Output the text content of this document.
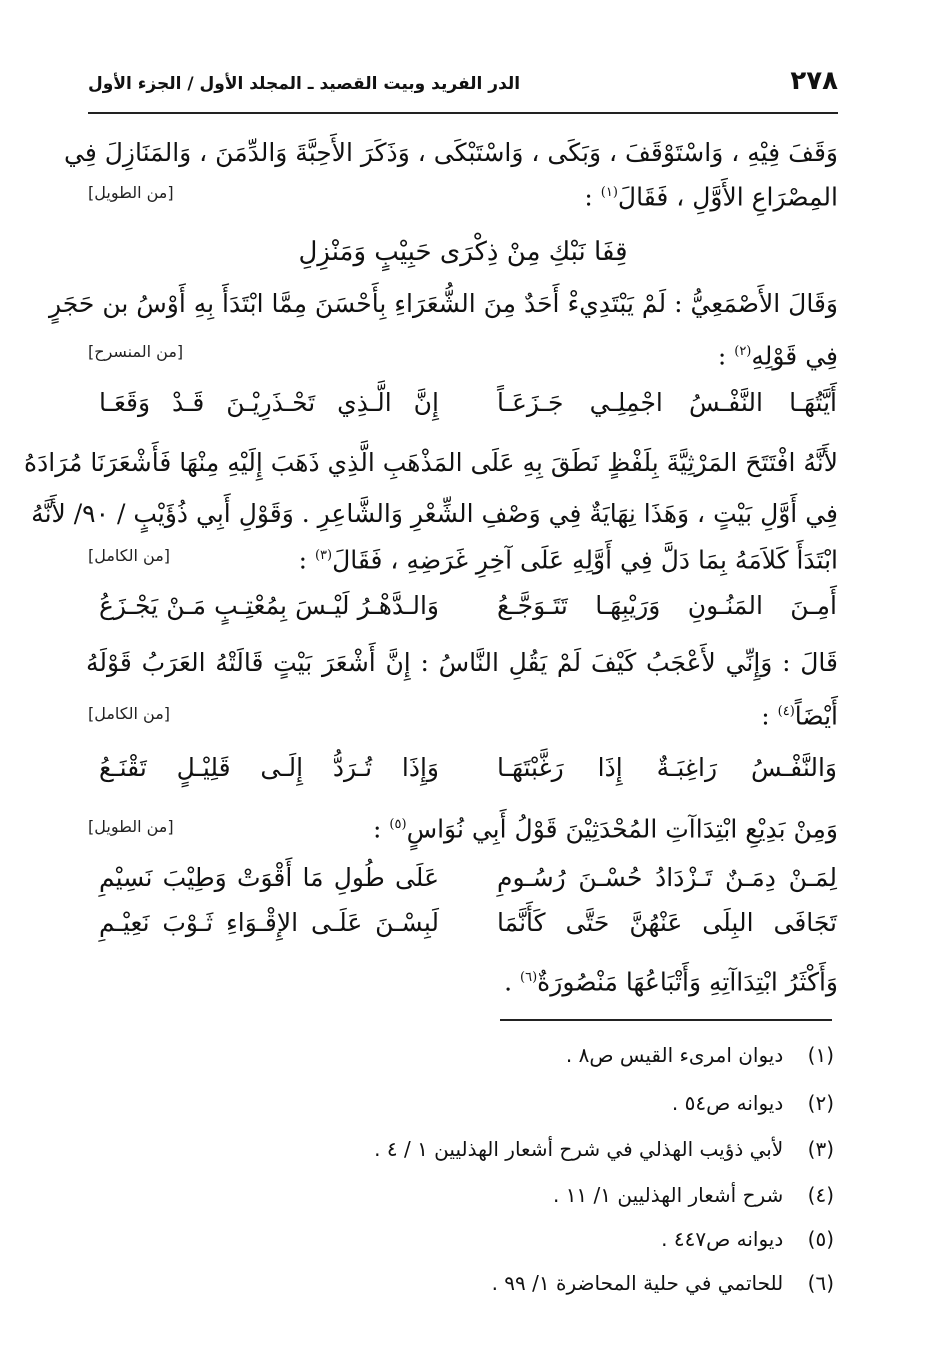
٢٧٨
الدر الفريد وبيت القصيد ـ المجلد الأول / الجزء الأول
وَقَفَ فِيْهِ ، وَاسْتَوْقَفَ ، وَبَكَى ، وَاسْتَبْكَى ، وَذَكَرَ الأَحِبَّةَ وَالدِّمَنَ ، وَالمَنَازِلَ فِي
المِصْرَاعِ الأَوَّلِ ، فَقَالَ$^{(١)}$ :
[من الطويل]
قِفَا نَبْكِ مِنْ ذِكْرَى حَبِيْبٍ وَمَنْزِلِ
وَقَالَ الأَصْمَعِيُّ : لَمْ يَبْتَدِيءْ أَحَدٌ مِنَ الشُّعَرَاءِ بِأَحْسَنَ مِمَّا ابْتَدَأَ بِهِ أَوْسُ بن حَجَرٍ
فِي قَوْلِهِ$^{(٢)}$ :
[من المنسرح]
أَيَّتُهَـا النَّفْـسُ اجْمِلِـي جَـزَعَـاً
إِنَّ الَّـذِي تَحْـذَرِيْـنَ قَـدْ وَقَعَـا
لأَنَّهُ افْتَتَحَ المَرْثِيَّةَ بِلَفْظٍ نَطَقَ بِهِ عَلَى المَذْهَبِ الَّذِي ذَهَبَ إِلَيْهِ مِنْهَا فَأَشْعَرَنَا مُرَادَهُ
فِي أَوَّلِ بَيْتٍ ، وَهَذَا نِهَايَةٌ فِي وَصْفِ الشِّعْرِ وَالشَّاعِرِ . وَقَوْلِ أَبِي ذُؤَيْبٍ / ٩٠/ لأَنَّهُ
ابْتَدَأَ كَلاَمَهُ بِمَا دَلَّ فِي أَوَّلِهِ عَلَى آخِرِ غَرَضِهِ ، فَقَالَ$^{(٣)}$ :
[من الكامل]
أَمِـنَ المَنُـونِ وَرَيْبِهَـا تَتَـوَجَّـعُ
وَالـدَّهْـرُ لَيْـسَ بِمُعْتِـبٍ مَـنْ يَجْـزَعُ
قَالَ : وَإِنِّي لأَعْجَبُ كَيْفَ لَمْ يَقُلِ النَّاسُ : إِنَّ أَشْعَرَ بَيْتٍ قَالَتْهُ العَرَبُ قَوْلَهُ
أَيْضَاً$^{(٤)}$ :
[من الكامل]
وَالنَّفْـسُ رَاغِبَـةٌ إِذَا رَغَّبْتَهَـا
وَإِذَا تُـرَدُّ إِلَـى قَلِيْـلٍ تَقْنَـعُ
وَمِنْ بَدِيْعِ ابْتِدَاآتِ المُحْدَثِيْنَ قَوْلُ أَبِي نُوَاسٍ$^{(٥)}$ :
[من الطويل]
لِمَـنْ دِمَـنٌ تَـزْدَادُ حُسْـنَ رُسُـومِ
عَلَى طُولِ مَا أَقْوَتْ وَطِيْبَ نَسِيْمِ
تَجَافَى البِلَى عَنْهُنَّ حَتَّى كَأَنَّمَا
لَبِسْـنَ عَلَـى الإِقْـوَاءِ ثَـوْبَ نَعِيْـمِ
وَأَكْثَرُ ابْتِدَاآتِهِ وَأَتْبَاعُهَا مَنْصُورَةٌ$^{(٦)}$ .
(١)  ديوان امرىء القيس ص٨ .
(٢)  ديوانه ص٥٤ .
(٣)  لأبي ذؤيب الهذلي في شرح أشعار الهذليين ١ / ٤ .
(٤)  شرح أشعار الهذليين ١/ ١١ .
(٥)  ديوانه ص٤٤٧ .
(٦)  للحاتمي في حلية المحاضرة ١/ ٩٩ .
